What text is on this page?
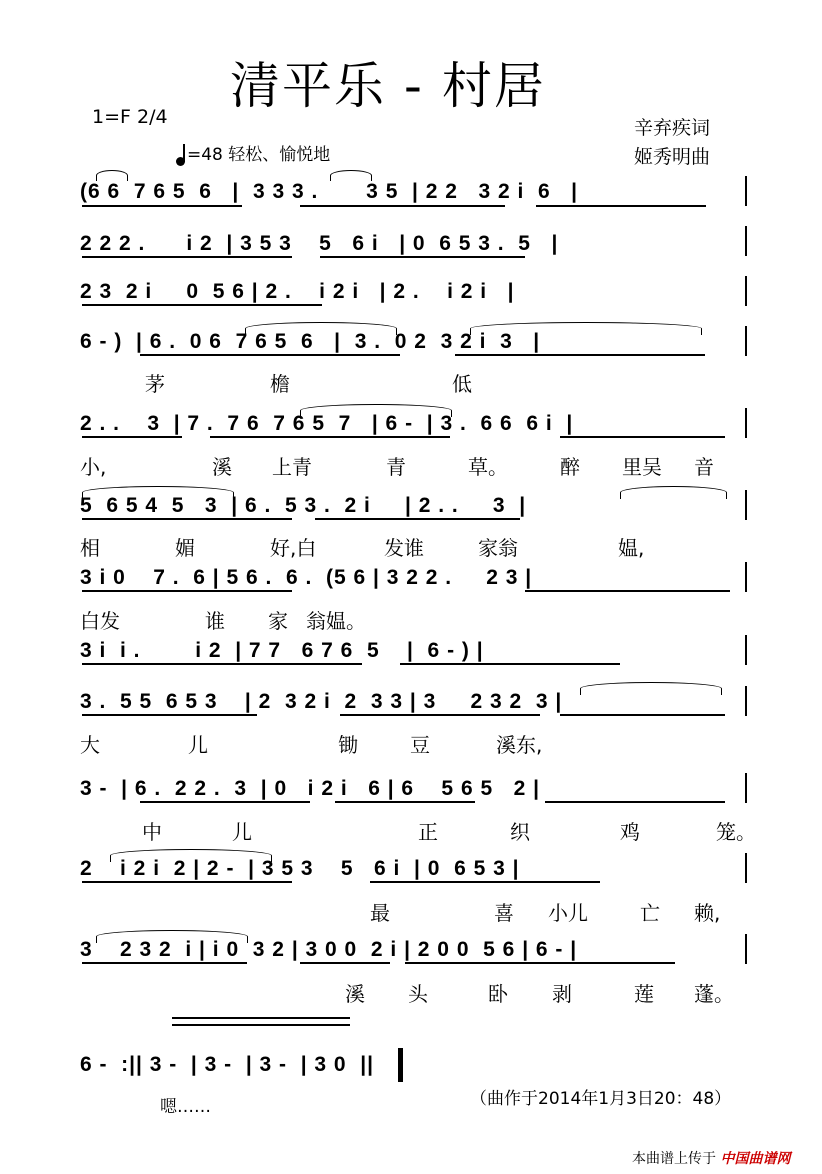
清平乐 - 村居
1=F 2/4	辛弃疾词
姬秀明曲
=48 轻松、愉悦地
(6 6  7 6 5  6   |  3 3 3 .       3 5  | 2 2   3 2 i  6   |
2 2 2 .      i 2  | 3 5 3    5   6 i   | 0  6 5 3 .  5   |
2 3  2 i     0  5 6 | 2 .    i 2 i   | 2 .    i 2 i   |
6 - )  | 6 .  0 6  7 6 5  6   |  3 .  0 2  3 2 i  3   |
2 . .    3  | 7 .  7 6  7 6 5  7   | 6 -  | 3 .  6 6  6 i  |
5  6 5 4  5   3  | 6 .  5 3 .  2 i     | 2 . .     3  |
3 i 0    7 .  6 | 5 6 .  6 .  (5 6 | 3 2 2 .     2 3 |
3 i  i .        i 2  | 7 7   6 7 6  5    |  6 - ) |
3 .  5 5  6 5 3    | 2  3 2 i  2  3 3 | 3     2 3 2  3 |
3 -  | 6 .  2 2 .  3  | 0   i 2 i   6 | 6    5 6 5   2 |
2    i 2 i  2 | 2 -  | 3 5 3    5   6 i  | 0  6 5 3 |
3    2 3 2  i | i 0  3 2 | 3 0 0  2 i | 2 0 0  5 6 | 6 - |
6 -  :|| 3 -  | 3 -  | 3 -  | 3 0  ||
茅	檐	低
小,	溪 上青	青	草。	醉 里吴 音
相	媚	好,白	发谁	家翁	媪,
白发	谁 家 翁媪。
大	儿	锄	豆	溪东,
中	儿	正	织	鸡	笼。
最	喜 小儿	亡 赖,
溪 头	卧 剥	莲 蓬。
嗯……	（曲作于2014年1月3日20：48）
本曲谱上传于 中国曲谱网
